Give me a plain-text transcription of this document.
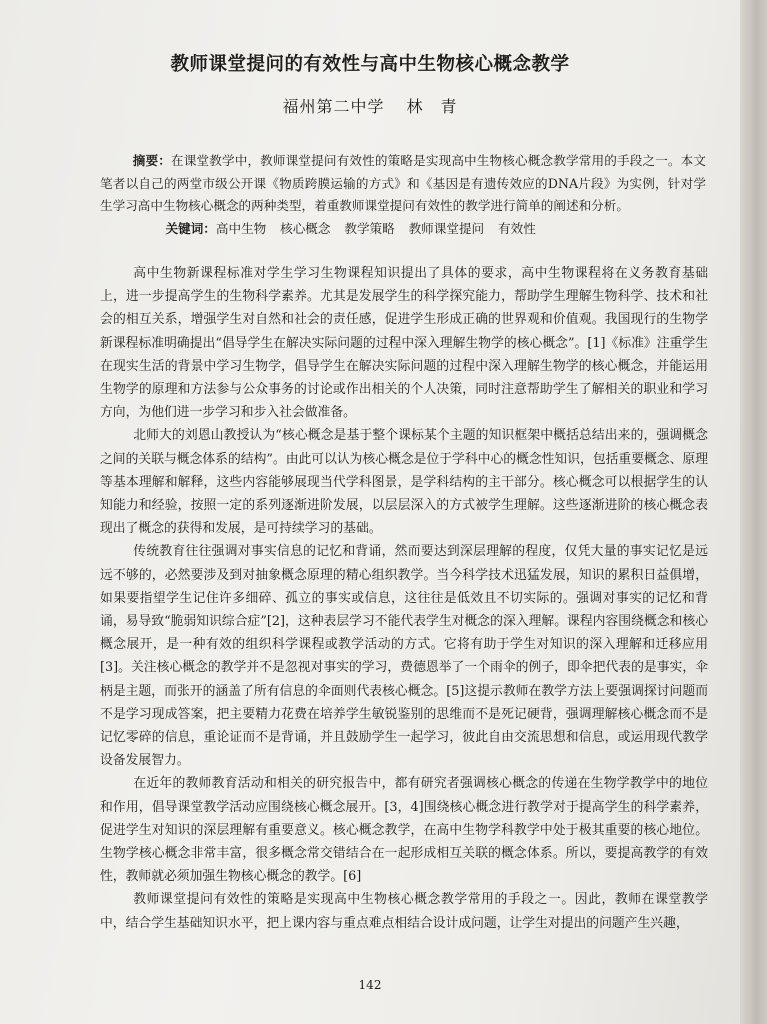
教师课堂提问的有效性与高中生物核心概念教学
福州第二中学 林　青

摘要：在课堂教学中，教师课堂提问有效性的策略是实现高中生物核心概念教学常用的手段之一。本文笔者以自己的两堂市级公开课《物质跨膜运输的方式》和《基因是有遗传效应的DNA片段》为实例，针对学生学习高中生物核心概念的两种类型，着重教师课堂提问有效性的教学进行简单的阐述和分析。

关键词：高中生物 核心概念 教学策略 教师课堂提问 有效性

高中生物新课程标准对学生学习生物课程知识提出了具体的要求，高中生物课程将在义务教育基础上，进一步提高学生的生物科学素养。尤其是发展学生的科学探究能力，帮助学生理解生物科学、技术和社会的相互关系，增强学生对自然和社会的责任感，促进学生形成正确的世界观和价值观。我国现行的生物学新课程标准明确提出“倡导学生在解决实际问题的过程中深入理解生物学的核心概念”。[1]《标准》注重学生在现实生活的背景中学习生物学，倡导学生在解决实际问题的过程中深入理解生物学的核心概念，并能运用生物学的原理和方法参与公众事务的讨论或作出相关的个人决策，同时注意帮助学生了解相关的职业和学习方向，为他们进一步学习和步入社会做准备。

北师大的刘恩山教授认为“核心概念是基于整个课标某个主题的知识框架中概括总结出来的，强调概念之间的关联与概念体系的结构”。由此可以认为核心概念是位于学科中心的概念性知识，包括重要概念、原理等基本理解和解释，这些内容能够展现当代学科图景，是学科结构的主干部分。核心概念可以根据学生的认知能力和经验，按照一定的系列逐渐进阶发展，以层层深入的方式被学生理解。这些逐渐进阶的核心概念表现出了概念的获得和发展，是可持续学习的基础。

传统教育往往强调对事实信息的记忆和背诵，然而要达到深层理解的程度，仅凭大量的事实记忆是远远不够的，必然要涉及到对抽象概念原理的精心组织教学。当今科学技术迅猛发展，知识的累积日益俱增，如果要指望学生记住许多细碎、孤立的事实或信息，这往往是低效且不切实际的。强调对事实的记忆和背诵，易导致“脆弱知识综合症”[2]，这种表层学习不能代表学生对概念的深入理解。课程内容围绕概念和核心概念展开，是一种有效的组织科学课程或教学活动的方式。它将有助于学生对知识的深入理解和迁移应用[3]。关注核心概念的教学并不是忽视对事实的学习，费德恩举了一个雨伞的例子，即伞把代表的是事实，伞柄是主题，而张开的涵盖了所有信息的伞面则代表核心概念。[5]这提示教师在教学方法上要强调探讨问题而不是学习现成答案，把主要精力花费在培养学生敏锐鉴别的思维而不是死记硬背，强调理解核心概念而不是记忆零碎的信息，重论证而不是背诵，并且鼓励学生一起学习，彼此自由交流思想和信息，或运用现代教学设备发展智力。

在近年的教师教育活动和相关的研究报告中，都有研究者强调核心概念的传递在生物学教学中的地位和作用，倡导课堂教学活动应围绕核心概念展开。[3，4]围绕核心概念进行教学对于提高学生的科学素养，促进学生对知识的深层理解有重要意义。核心概念教学，在高中生物学科教学中处于极其重要的核心地位。生物学核心概念非常丰富，很多概念常交错结合在一起形成相互关联的概念体系。所以，要提高教学的有效性，教师就必须加强生物核心概念的教学。[6]

教师课堂提问有效性的策略是实现高中生物核心概念教学常用的手段之一。因此，教师在课堂教学中，结合学生基础知识水平，把上课内容与重点难点相结合设计成问题，让学生对提出的问题产生兴趣，

142
